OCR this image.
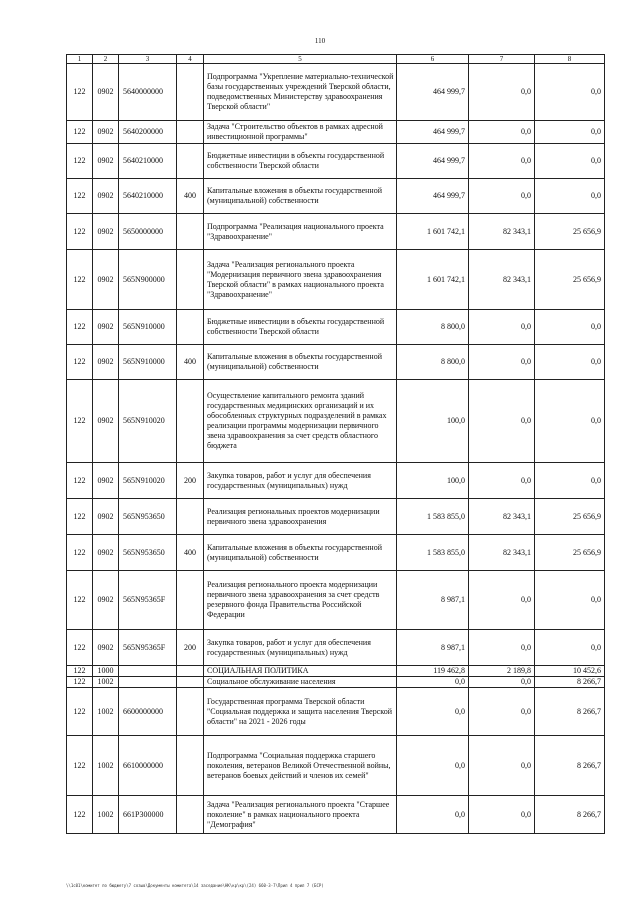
110
1	2	3	4	5	6	7	8
122	0902	5640000000		Подпрограмма "Укрепление материально-технической базы государственных учреждений Тверской области, подведомственных Министерству здравоохранения Тверской области"	464 999,7	0,0	0,0
122	0902	5640200000		Задача "Строительство объектов в рамках адресной инвестиционной программы"	464 999,7	0,0	0,0
122	0902	5640210000		Бюджетные инвестиции в объекты государственной собственности Тверской области	464 999,7	0,0	0,0
122	0902	5640210000	400	Капитальные вложения в объекты государственной (муниципальной) собственности	464 999,7	0,0	0,0
122	0902	5650000000		Подпрограмма "Реализация национального проекта "Здравоохранение"	1 601 742,1	82 343,1	25 656,9
122	0902	565N900000		Задача "Реализация регионального проекта "Модернизация первичного звена здравоохранения Тверской области" в рамках национального проекта "Здравоохранение"	1 601 742,1	82 343,1	25 656,9
122	0902	565N910000		Бюджетные инвестиции в объекты государственной собственности Тверской области	8 800,0	0,0	0,0
122	0902	565N910000	400	Капитальные вложения в объекты государственной (муниципальной) собственности	8 800,0	0,0	0,0
122	0902	565N910020		Осуществление капитального ремонта зданий государственных медицинских организаций и их обособленных структурных подразделений в рамках реализации программы модернизации первичного звена здравоохранения за счет средств областного бюджета	100,0	0,0	0,0
122	0902	565N910020	200	Закупка товаров, работ и услуг для обеспечения государственных (муниципальных) нужд	100,0	0,0	0,0
122	0902	565N953650		Реализация региональных проектов модернизации первичного звена здравоохранения	1 583 855,0	82 343,1	25 656,9
122	0902	565N953650	400	Капитальные вложения в объекты государственной (муниципальной) собственности	1 583 855,0	82 343,1	25 656,9
122	0902	565N95365F		Реализация регионального проекта модернизации первичного звена здравоохранения за счет средств резервного фонда Правительства Российской Федерации	8 987,1	0,0	0,0
122	0902	565N95365F	200	Закупка товаров, работ и услуг для обеспечения государственных (муниципальных) нужд	8 987,1	0,0	0,0
122	1000			СОЦИАЛЬНАЯ ПОЛИТИКА	119 462,8	2 189,8	10 452,6
122	1002			Социальное обслуживание населения	0,0	0,0	8 266,7
122	1002	6600000000		Государственная программа Тверской области "Социальная поддержка и защита населения Тверской области" на 2021 - 2026 годы	0,0	0,0	8 266,7
122	1002	6610000000		Подпрограмма "Социальная поддержка старшего поколения, ветеранов Великой Отечественной войны, ветеранов боевых действий и членов их семей"	0,0	0,0	8 266,7
122	1002	661P300000		Задача "Реализация регионального проекта "Старшее поколение" в рамках национального проекта "Демография"	0,0	0,0	8 266,7
\\1c01\комитет по бюджету\7 созыв\Документы комитета\14 заседание\НК\кр\кр\(24) 660-3-7\Прил 4 прил 7 (БСР)
